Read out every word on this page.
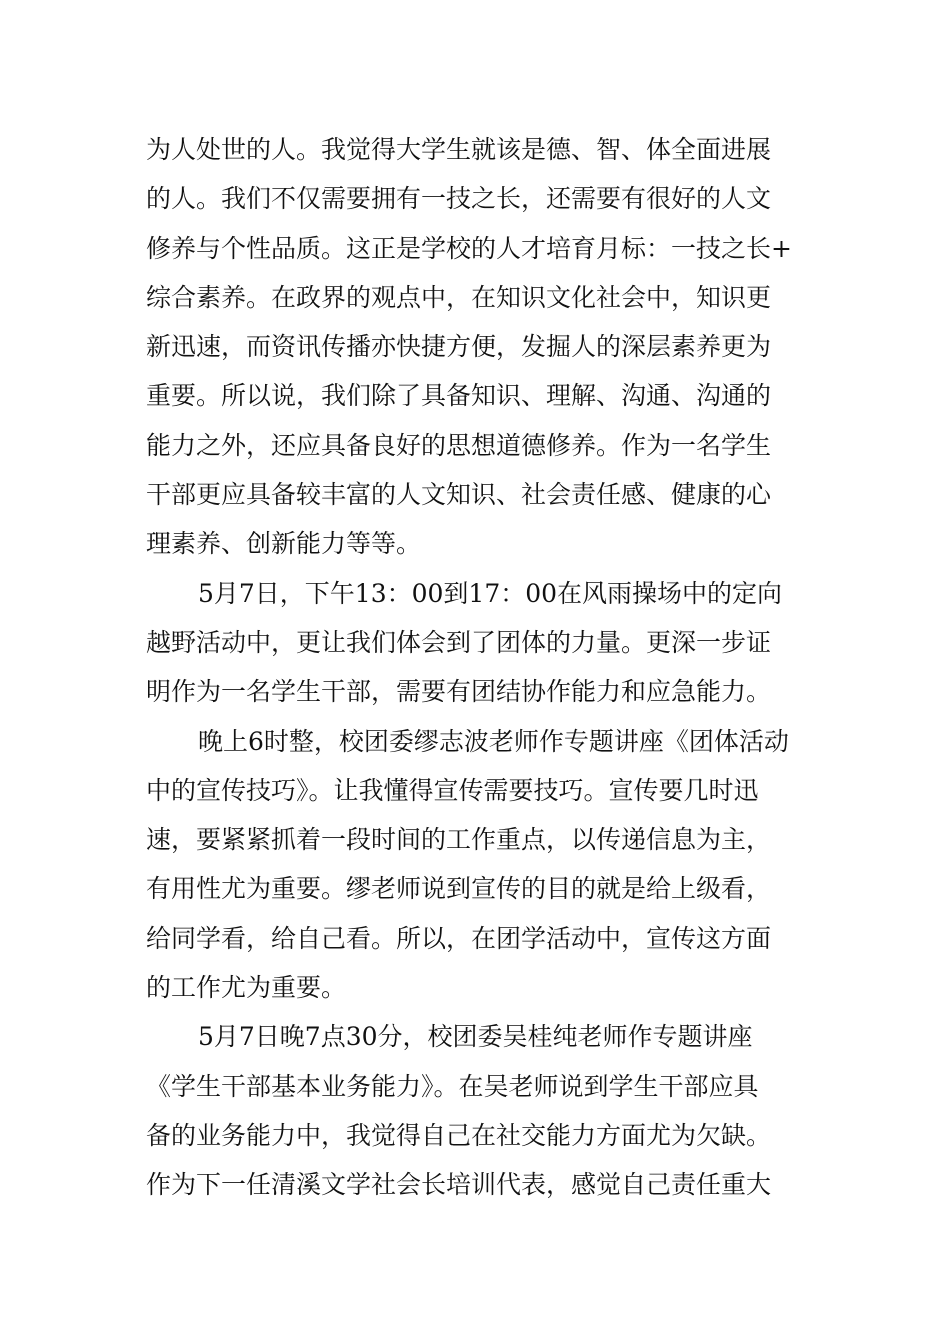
为人处世的人。我觉得大学生就该是德、智、体全面进展
的人。我们不仅需要拥有一技之长，还需要有很好的人文
修养与个性品质。这正是学校的人才培育月标：一技之长+
综合素养。在政界的观点中，在知识文化社会中，知识更
新迅速，而资讯传播亦快捷方便，发掘人的深层素养更为
重要。所以说，我们除了具备知识、理解、沟通、沟通的
能力之外，还应具备良好的思想道德修养。作为一名学生
干部更应具备较丰富的人文知识、社会责任感、健康的心
理素养、创新能力等等。
5月7日，下午13：00到17：00在风雨操场中的定向
越野活动中，更让我们体会到了团体的力量。更深一步证
明作为一名学生干部，需要有团结协作能力和应急能力。
晚上6时整，校团委缪志波老师作专题讲座《团体活动
中的宣传技巧》。让我懂得宣传需要技巧。宣传要几时迅
速，要紧紧抓着一段时间的工作重点，以传递信息为主，
有用性尤为重要。缪老师说到宣传的目的就是给上级看，
给同学看，给自己看。所以，在团学活动中，宣传这方面
的工作尤为重要。
5月7日晚7点30分，校团委吴桂纯老师作专题讲座
《学生干部基本业务能力》。在吴老师说到学生干部应具
备的业务能力中，我觉得自己在社交能力方面尤为欠缺。
作为下一任清溪文学社会长培训代表，感觉自己责任重大
